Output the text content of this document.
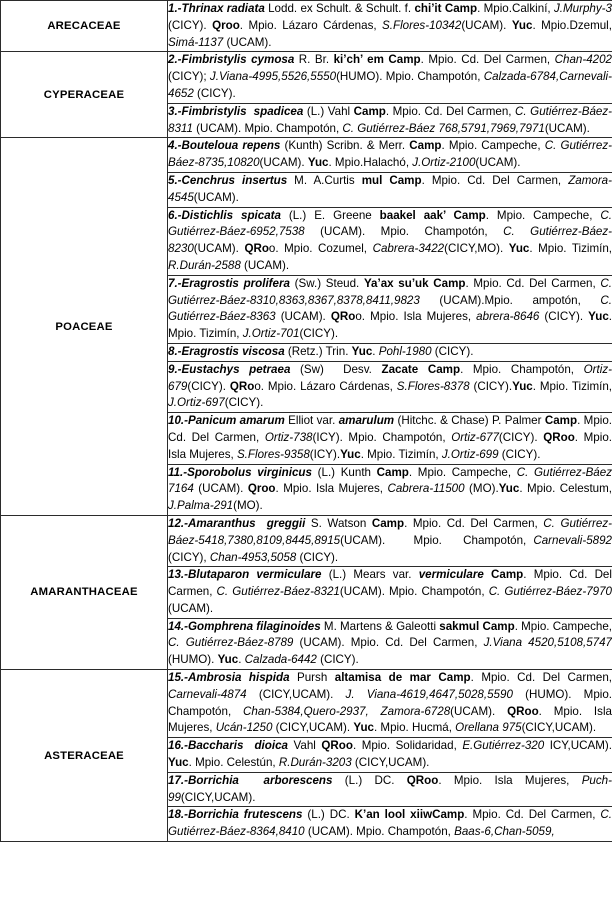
ARECACEAE	1.-Thrinax radiata Lodd. ex Schult. & Schult. f. chi’it Camp. Mpio.Calkiní, J.Murphy-3 (CICY). Qroo. Mpio. Lázaro Cárdenas, S.Flores-10342(UCAM). Yuc. Mpio.Dzemul, Simá-1137 (UCAM).

CYPERACEAE	2.-Fimbristylis cymosa R. Br. ki’ch’ em Camp. Mpio. Cd. Del Carmen, Chan-4202 (CICY); J.Viana-4995,5526,5550(HUMO). Mpio. Champotón, Calzada-6784,Carnevali-4652 (CICY).

	3.-Fimbristylis  spadicea (L.) Vahl Camp. Mpio. Cd. Del Carmen, C. Gutiérrez-Báez-8311 (UCAM). Mpio. Champotón, C. Gutiérrez-Báez 768,5791,7969,7971(UCAM).

POACEAE	4.-Bouteloua repens (Kunth) Scribn. & Merr. Camp. Mpio. Campeche, C. Gutiérrez-Báez-8735,10820(UCAM). Yuc. Mpio.Halachó, J.Ortiz-2100(UCAM).

	5.-Cenchrus insertus M. A.Curtis mul Camp. Mpio. Cd. Del Carmen, Zamora-4545(UCAM).

	6.-Distichlis spicata (L.) E. Greene baakel aak’ Camp. Mpio. Campeche, C. Gutiérrez-Báez-6952,7538 (UCAM). Mpio. Champotón, C. Gutiérrez-Báez-8230(UCAM). QRoo. Mpio. Cozumel, Cabrera-3422(CICY,MO). Yuc. Mpio. Tizimín, R.Durán-2588 (UCAM).

	7.-Eragrostis prolifera (Sw.) Steud. Ya’ax su’uk Camp. Mpio. Cd. Del Carmen, C. Gutiérrez-Báez-8310,8363,8367,8378,8411,9823 (UCAM).Mpio. ampotón, C. Gutiérrez-Báez-8363 (UCAM). QRoo. Mpio. Isla Mujeres, abrera-8646 (CICY). Yuc. Mpio. Tizimín, J.Ortiz-701(CICY).

	8.-Eragrostis viscosa (Retz.) Trin. Yuc. Pohl-1980 (CICY).

	9.-Eustachys petraea (Sw)  Desv. Zacate Camp. Mpio. Champotón, Ortiz-679(CICY). QRoo. Mpio. Lázaro Cárdenas, S.Flores-8378 (CICY).Yuc. Mpio. Tizimín, J.Ortiz-697(CICY).

	10.-Panicum amarum Elliot var. amarulum (Hitchc. & Chase) P. Palmer Camp. Mpio. Cd. Del Carmen, Ortiz-738(ICY). Mpio. Champotón, Ortiz-677(CICY). QRoo. Mpio. Isla Mujeres, S.Flores-9358(ICY).Yuc. Mpio. Tizimín, J.Ortiz-699 (CICY).

	11.-Sporobolus virginicus (L.) Kunth Camp. Mpio. Campeche, C. Gutiérrez-Báez 7164 (UCAM). Qroo. Mpio. Isla Mujeres, Cabrera-11500 (MO).Yuc. Mpio. Celestum, J.Palma-291(MO).

AMARANTHACEAE	12.-Amaranthus  greggii S. Watson Camp. Mpio. Cd. Del Carmen, C. Gutiérrez-Báez-5418,7380,8109,8445,8915(UCAM).    Mpio.   Champotón, Carnevali-5892 (CICY), Chan-4953,5058 (CICY).

	13.-Blutaparon vermiculare (L.) Mears var. vermiculare Camp. Mpio. Cd. Del Carmen, C. Gutiérrez-Báez-8321(UCAM). Mpio. Champotón, C. Gutiérrez-Báez-7970 (UCAM).

	14.-Gomphrena filaginoides M. Martens & Galeotti sakmul Camp. Mpio. Campeche, C. Gutiérrez-Báez-8789 (UCAM). Mpio. Cd. Del Carmen, J.Viana 4520,5108,5747 (HUMO). Yuc. Calzada-6442 (CICY).

ASTERACEAE	15.-Ambrosia hispida Pursh altamisa de mar Camp. Mpio. Cd. Del Carmen, Carnevali-4874 (CICY,UCAM). J. Viana-4619,4647,5028,5590 (HUMO). Mpio. Champotón, Chan-5384,Quero-2937, Zamora-6728(UCAM). QRoo. Mpio. Isla Mujeres, Ucán-1250 (CICY,UCAM). Yuc. Mpio. Hucmá, Orellana 975(CICY,UCAM).

	16.-Baccharis  dioica Vahl QRoo. Mpio. Solidaridad, E.Gutiérrez-320 ICY,UCAM). Yuc. Mpio. Celestún, R.Durán-3203 (CICY,UCAM).

	17.-Borrichia  arborescens (L.) DC. QRoo. Mpio. Isla Mujeres, Puch-99(CICY,UCAM).

	18.-Borrichia frutescens (L.) DC. K’an lool xiiwCamp. Mpio. Cd. Del Carmen, C. Gutiérrez-Báez-8364,8410 (UCAM). Mpio. Champotón, Baas-6,Chan-5059,
